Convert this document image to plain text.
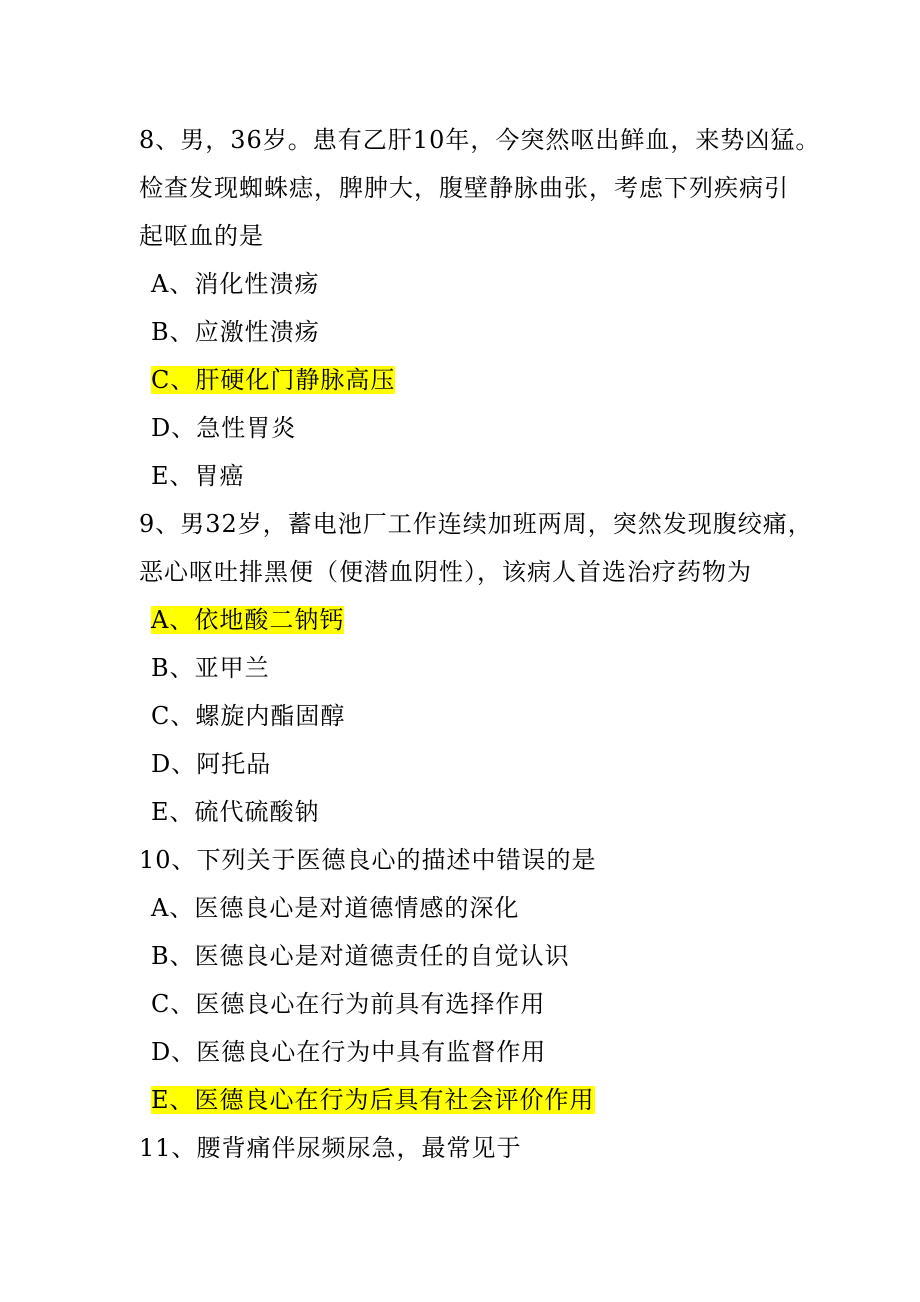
8、男，36岁。患有乙肝10年，今突然呕出鲜血，来势凶猛。
检查发现蜘蛛痣，脾肿大，腹壁静脉曲张，考虑下列疾病引
起呕血的是
A、消化性溃疡
B、应激性溃疡
C、肝硬化门静脉高压
D、急性胃炎
E、胃癌
9、男32岁，蓄电池厂工作连续加班两周，突然发现腹绞痛，
恶心呕吐排黑便（便潜血阴性），该病人首选治疗药物为
A、依地酸二钠钙
B、亚甲兰
C、螺旋内酯固醇
D、阿托品
E、硫代硫酸钠
10、下列关于医德良心的描述中错误的是
A、医德良心是对道德情感的深化
B、医德良心是对道德责任的自觉认识
C、医德良心在行为前具有选择作用
D、医德良心在行为中具有监督作用
E、医德良心在行为后具有社会评价作用
11、腰背痛伴尿频尿急，最常见于
